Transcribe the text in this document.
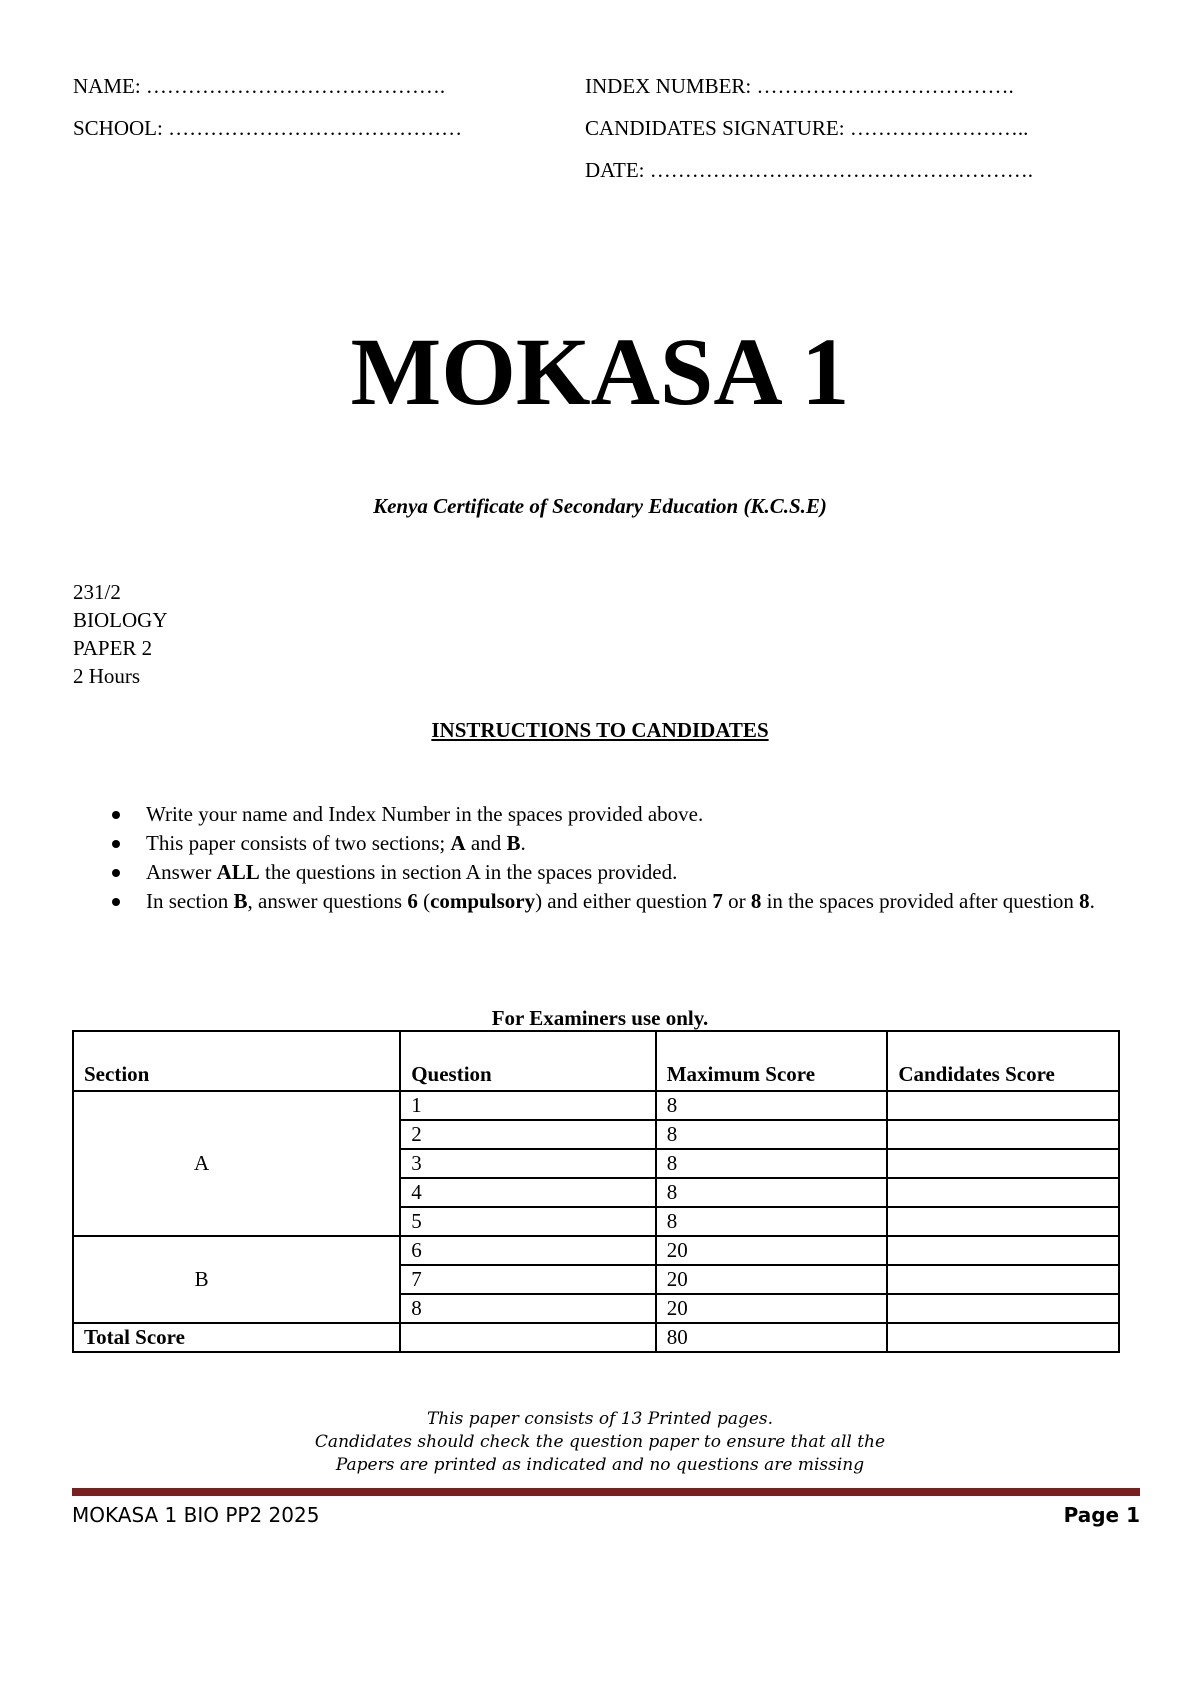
NAME: …………………………………….	INDEX NUMBER: ……………………………….
SCHOOL: ……………………………………	CANDIDATES SIGNATURE: ……………………..
DATE: ……………………………………………….
MOKASA 1
Kenya Certificate of Secondary Education (K.C.S.E)
231/2
BIOLOGY
PAPER 2
2 Hours
INSTRUCTIONS TO CANDIDATES
Write your name and Index Number in the spaces provided above.
This paper consists of two sections; A and B.
Answer ALL the questions in section A in the spaces provided.
In section B, answer questions 6 (compulsory) and either question 7 or 8 in the spaces provided after question 8.
For Examiners use only.
Section	Question	Maximum Score	Candidates Score
A	1	8	
	2	8	
	3	8	
	4	8	
	5	8	
B	6	20	
	7	20	
	8	20	
Total Score		80	
This paper consists of 13 Printed pages.
Candidates should check the question paper to ensure that all the
Papers are printed as indicated and no questions are missing
MOKASA 1 BIO PP2 2025	Page 1
